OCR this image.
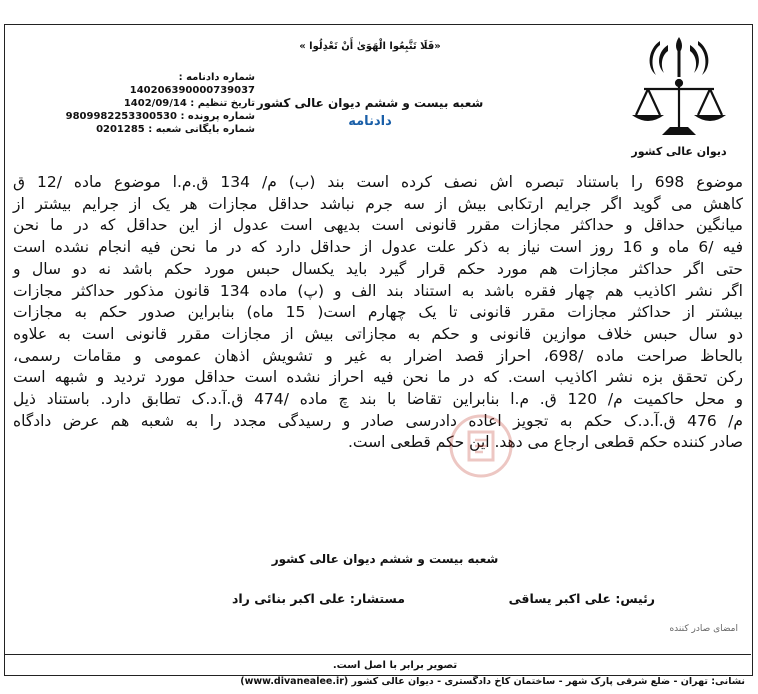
دیوان عالی کشور
«فَلَا تَتَّبِعُوا الْهَوَىٰ أَنْ تَعْدِلُوا »
شعبه بیست و ششم دیوان عالی کشور
دادنامه
شماره دادنامه : 140206390000739037
تاریخ تنظیم : 1402/09/14
شماره پرونده : 9809982253300530
شماره بایگانی شعبه : 0201285
موضوع 698 را باستناد تبصره اش نصف کرده است بند (ب) م/ 134 ق.م.ا موضوع ماده /12 ق
کاهش می گوید اگر جرایم ارتکابی بیش از سه جرم نباشد حداقل مجازات هر یک از جرایم بیشتر از
میانگین حداقل و حداکثر مجازات مقرر قانونی است بدیهی است عدول از این حداقل که در ما نحن
فیه /6 ماه و 16 روز است نیاز به ذکر علت عدول از حداقل دارد که در ما نحن فیه انجام نشده است
حتی اگر حداکثر مجازات هم مورد حکم قرار گیرد باید یکسال حبس مورد حکم باشد نه دو سال و
اگر نشر اکاذیب هم چهار فقره باشد به استناد بند الف و (پ) ماده 134 قانون مذکور حداکثر مجازات
بیشتر از حداکثر مجازات مقرر قانونی تا یک چهارم است( 15 ماه) بنابراین صدور حکم به مجازات
دو سال حبس خلاف موازین قانونی و حکم به مجازاتی بیش از مجازات مقرر قانونی است به علاوه
بالحاظ صراحت ماده /698، احراز قصد اضرار به غیر و تشویش اذهان عمومی و مقامات رسمی،
رکن تحقق بزه نشر اکاذیب است. که در ما نحن فیه احراز نشده است حداقل مورد تردید و شبهه است
و محل حاکمیت م/ 120 ق. م.ا بنابراین تقاضا با بند چ ماده /474 ق.آ.د.ک تطابق دارد. باستناد ذیل
م/ 476 ق.آ.د.ک حکم به تجویز اعاده دادرسی صادر و رسیدگی مجدد را به شعبه هم عرض دادگاه
صادر کننده حکم قطعی ارجاع می دهد. این حکم قطعی است.
شعبه بیست و ششم دیوان عالی کشور
رئیس: علی اکبر یساقی
مستشار: علی اکبر بنائی راد
امضای صادر کننده
تصویر برابر با اصل است.
نشانی: تهران - ضلع شرقی پارک شهر - ساختمان کاخ دادگستری - دیوان عالی کشور (www.divanealee.ir)
